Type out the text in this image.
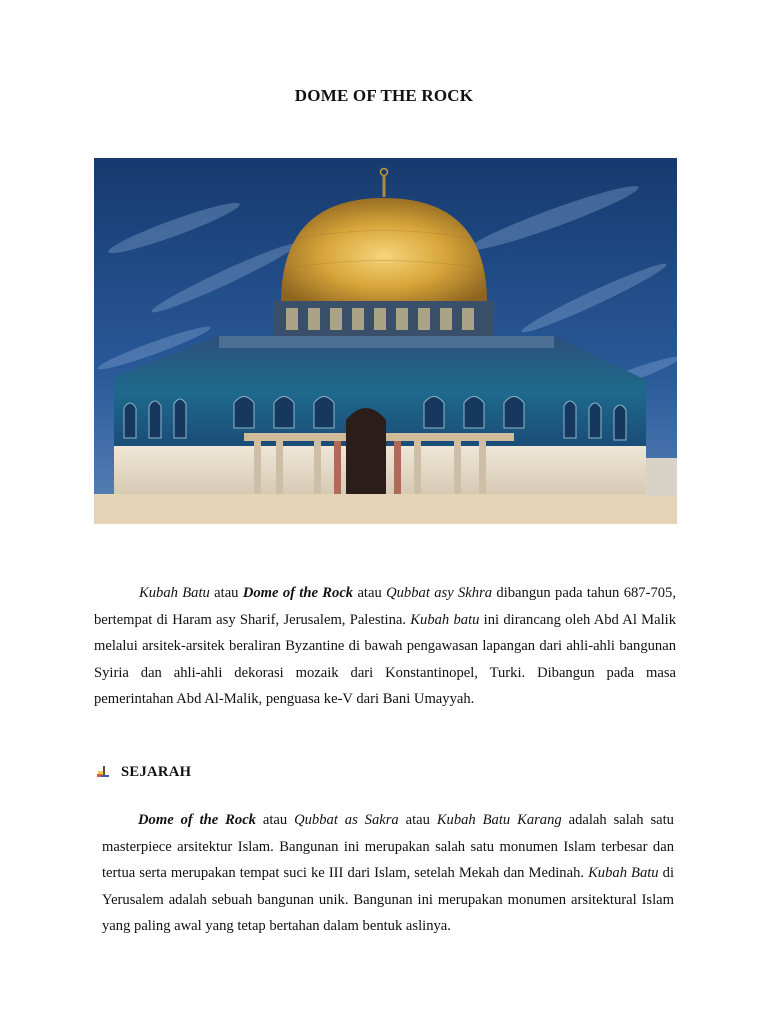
DOME OF THE ROCK

Kubah Batu atau Dome of the Rock atau Qubbat asy Skhra dibangun pada tahun 687-705, bertempat di Haram asy Sharif, Jerusalem, Palestina. Kubah batu ini dirancang oleh Abd Al Malik melalui arsitek-arsitek beraliran Byzantine di bawah pengawasan lapangan dari ahli-ahli bangunan Syiria dan ahli-ahli dekorasi mozaik dari Konstantinopel, Turki. Dibangun pada masa pemerintahan Abd Al-Malik, penguasa ke-V dari Bani Umayyah.

SEJARAH

Dome of the Rock atau Qubbat as Sakra atau Kubah Batu Karang adalah salah satu masterpiece arsitektur Islam. Bangunan ini merupakan salah satu monumen Islam terbesar dan tertua serta merupakan tempat suci ke III dari Islam, setelah Mekah dan Medinah. Kubah Batu di Yerusalem adalah sebuah bangunan unik. Bangunan ini merupakan monumen arsitektural Islam yang paling awal yang tetap bertahan dalam bentuk aslinya.
